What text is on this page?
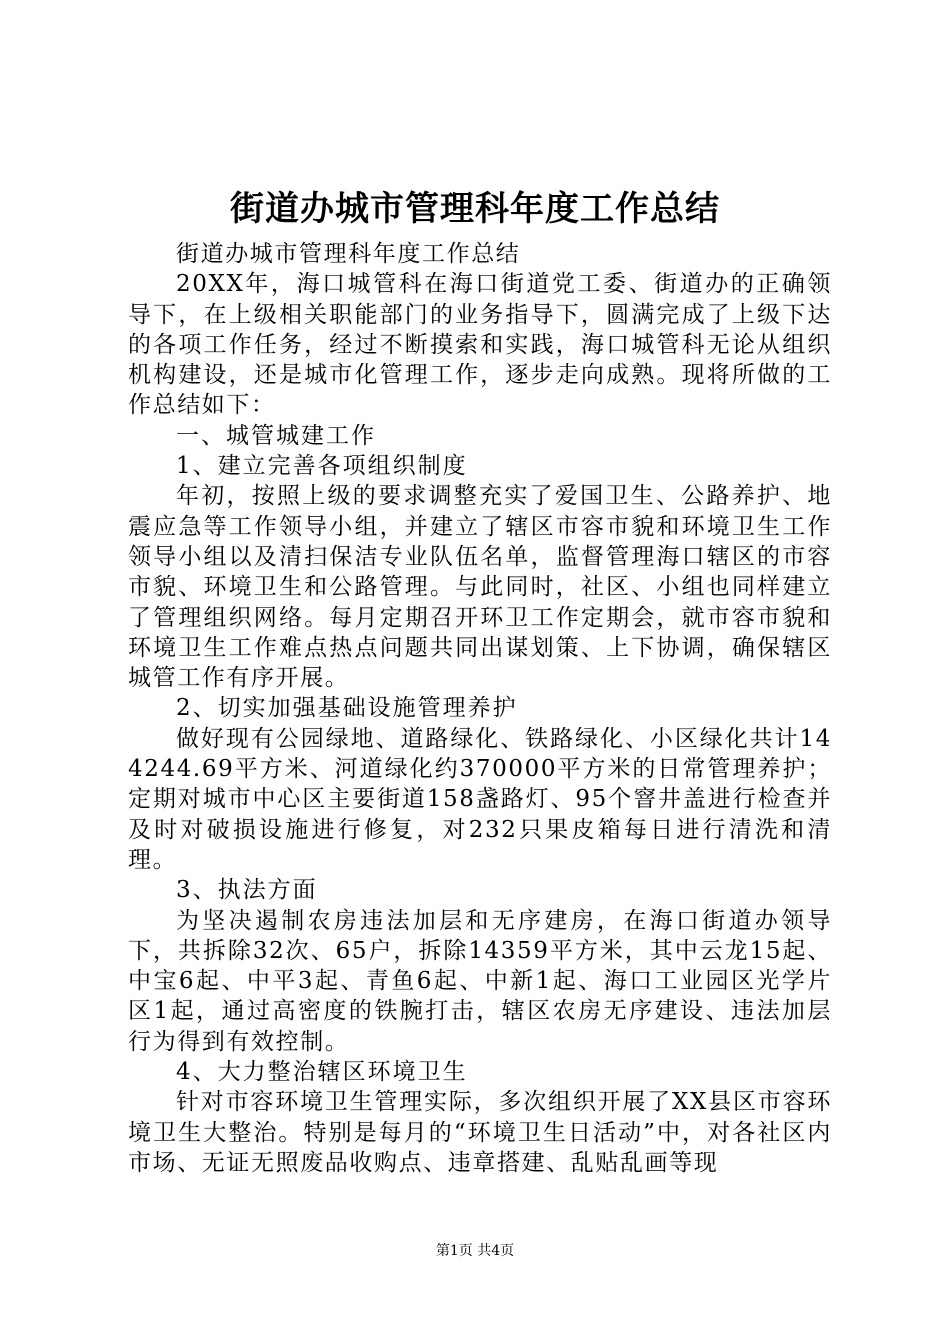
街道办城市管理科年度工作总结

街道办城市管理科年度工作总结

20XX年，海口城管科在海口街道党工委、街道办的正确领导下，在上级相关职能部门的业务指导下，圆满完成了上级下达的各项工作任务，经过不断摸索和实践，海口城管科无论从组织机构建设，还是城市化管理工作，逐步走向成熟。现将所做的工作总结如下：

一、城管城建工作

1、建立完善各项组织制度

年初，按照上级的要求调整充实了爱国卫生、公路养护、地震应急等工作领导小组，并建立了辖区市容市貌和环境卫生工作领导小组以及清扫保洁专业队伍名单，监督管理海口辖区的市容市貌、环境卫生和公路管理。与此同时，社区、小组也同样建立了管理组织网络。每月定期召开环卫工作定期会，就市容市貌和环境卫生工作难点热点问题共同出谋划策、上下协调，确保辖区城管工作有序开展。

2、切实加强基础设施管理养护

做好现有公园绿地、道路绿化、铁路绿化、小区绿化共计144244.69平方米、河道绿化约370000平方米的日常管理养护；定期对城市中心区主要街道158盏路灯、95个窨井盖进行检查并及时对破损设施进行修复，对232只果皮箱每日进行清洗和清理。

3、执法方面

为坚决遏制农房违法加层和无序建房，在海口街道办领导下，共拆除32次、65户，拆除14359平方米，其中云龙15起、中宝6起、中平3起、青鱼6起、中新1起、海口工业园区光学片区1起，通过高密度的铁腕打击，辖区农房无序建设、违法加层行为得到有效控制。

4、大力整治辖区环境卫生

针对市容环境卫生管理实际，多次组织开展了XX县区市容环境卫生大整治。特别是每月的“环境卫生日活动”中，对各社区内市场、无证无照废品收购点、违章搭建、乱贴乱画等现

第1页 共4页
